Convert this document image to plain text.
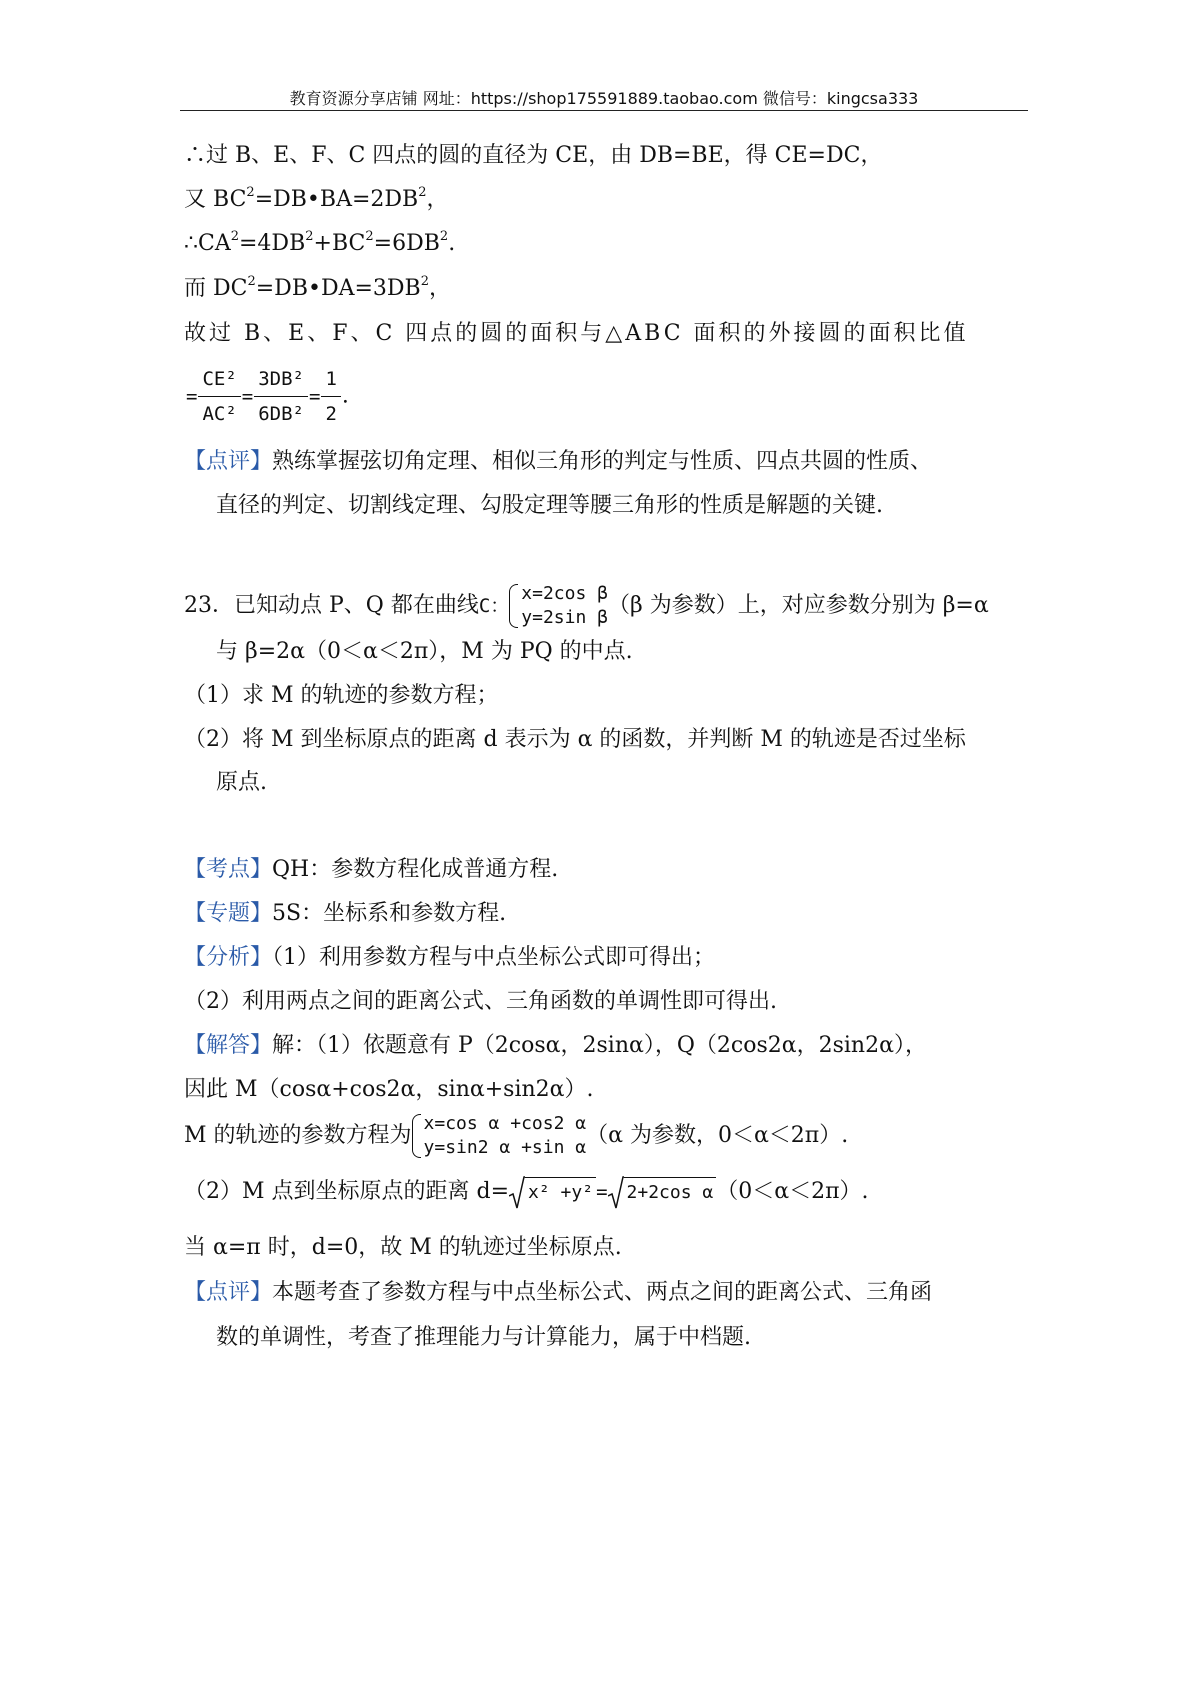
教育资源分享店铺 网址：https://shop175591889.taobao.com 微信号：kingcsa333
∴过 B、E、F、C 四点的圆的直径为 CE，由 DB=BE，得 CE=DC，
又 $BC^2=DB•BA=2DB^2$，
$\therefore CA^2=4DB^2+BC^2=6DB^2$.
而 $DC^2=DB•DA=3DB^2$，
故过 B、E、F、C 四点的圆的面积与△ABC 面积的外接圆的面积比值
= $\frac{\text{CE²}}{\text{AC²}} = \frac{\text{3DB²}}{\text{6DB²}} = \frac{1}{2}$ .
【点评】熟练掌握弦切角定理、相似三角形的判定与性质、四点共圆的性质、
直径的判定、切割线定理、勾股定理等腰三角形的性质是解题的关键.
23．已知动点 P、Q 都在曲线C：
x=2cos β
y=2sin β （β 为参数）上，对应参数分别为 β=α
与 β=2α（0＜α＜2π），M 为 PQ 的中点.
（1）求 M 的轨迹的参数方程；
（2）将 M 到坐标原点的距离 d 表示为 α 的函数，并判断 M 的轨迹是否过坐标
原点.
【考点】QH：参数方程化成普通方程.
【专题】5S：坐标系和参数方程.
【分析】（1）利用参数方程与中点坐标公式即可得出；
（2）利用两点之间的距离公式、三角函数的单调性即可得出.
【解答】解：（1）依题意有 P（2cosα，2sinα），Q（2cos2α，2sin2α），
因此 M（cosα+cos2α，sinα+sin2α）.
M 的轨迹的参数方程为 x=cos α +cos2 α
y=sin2 α +sin α （α 为参数，0＜α＜2π）.
（2）M 点到坐标原点的距离 d= x² +y² = 2+2cos α （0＜α＜2π）.
当 α=π 时，d=0，故 M 的轨迹过坐标原点.
【点评】本题考查了参数方程与中点坐标公式、两点之间的距离公式、三角函
数的单调性，考查了推理能力与计算能力，属于中档题.
